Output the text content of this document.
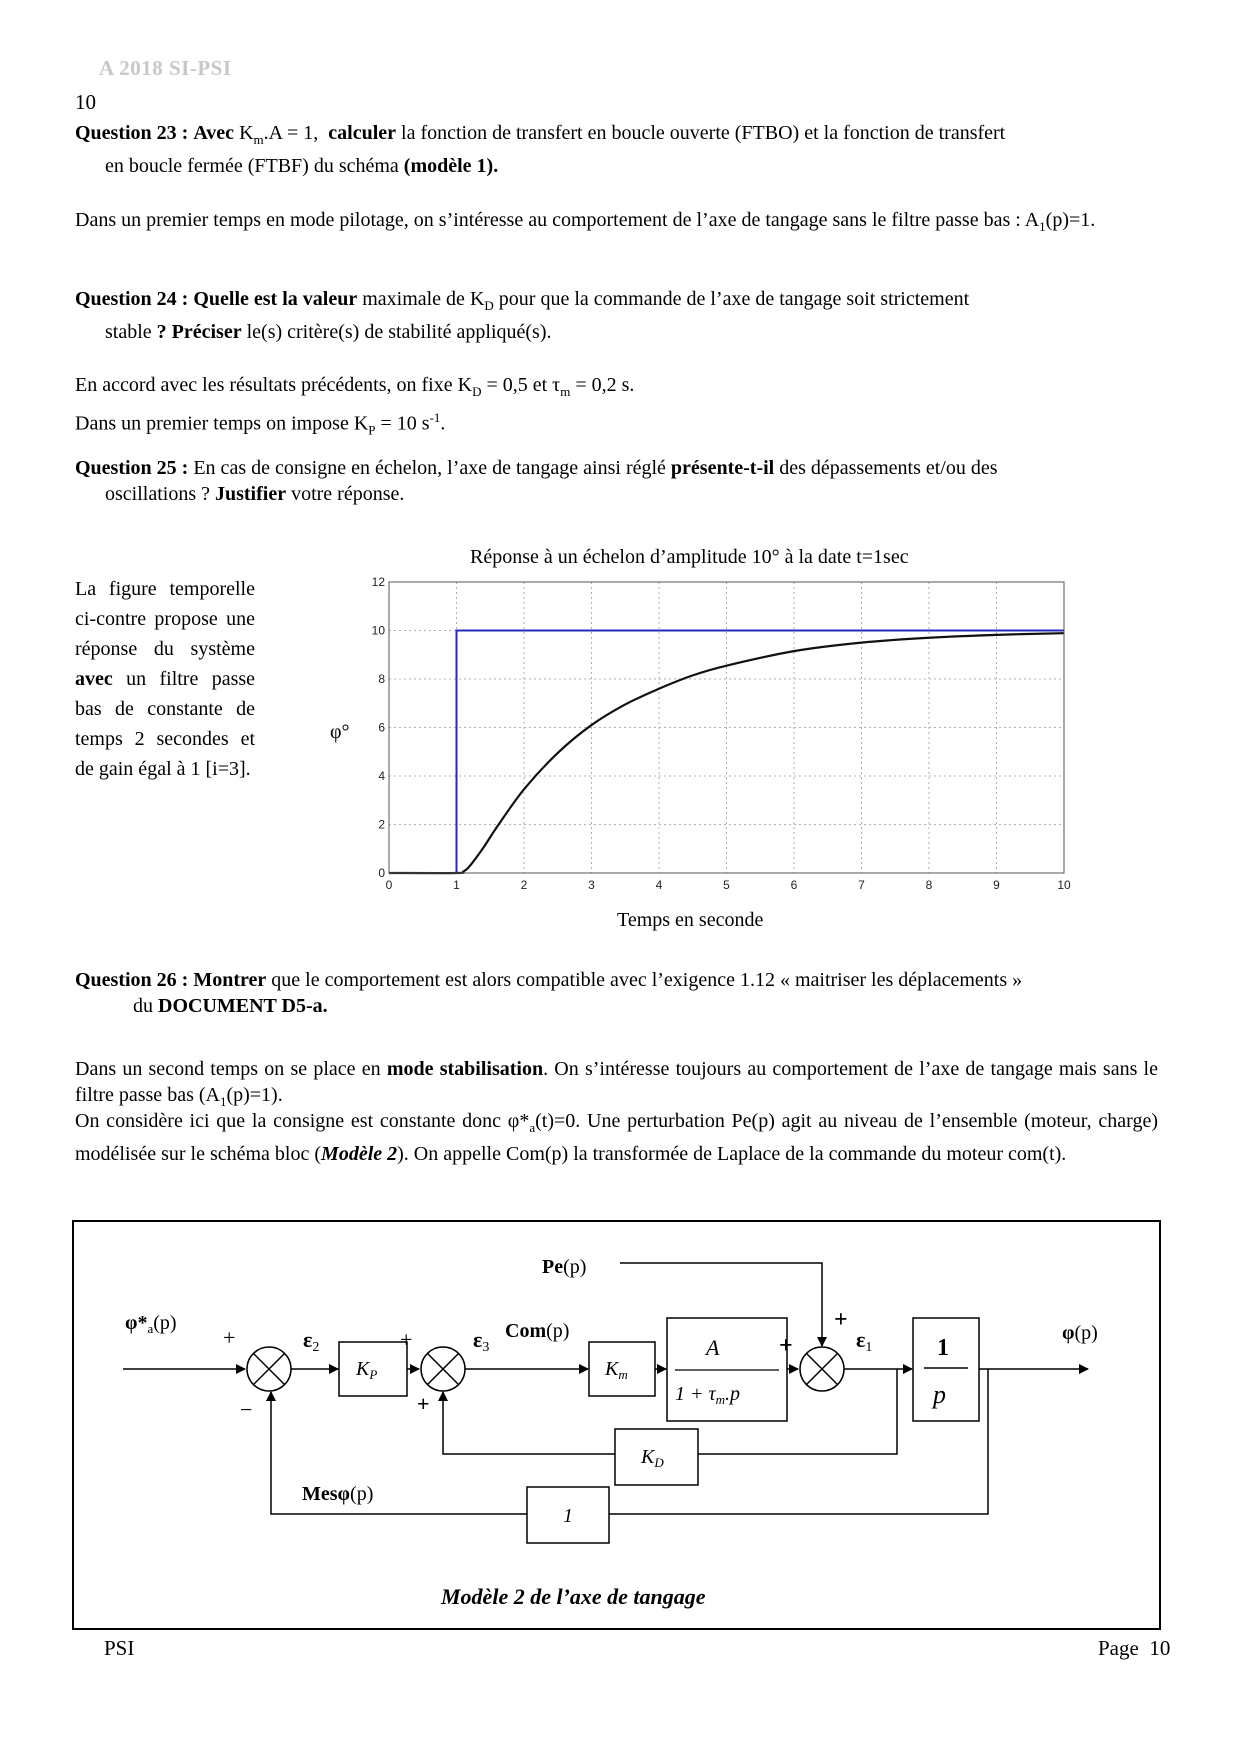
A 2018 SI-PSI
10
Question 23 : Avec $K_m.A = 1$, calculer la fonction de transfert en boucle ouverte (FTBO) et la fonction de transfert
en boucle fermée (FTBF) du schéma (modèle 1).
Dans un premier temps en mode pilotage, on s’intéresse au comportement de l’axe de tangage sans le filtre passe bas : $A_1(p)=1$.
Question 24 : Quelle est la valeur maximale de $K_D$ pour que la commande de l’axe de tangage soit strictement
stable ? Préciser le(s) critère(s) de stabilité appliqué(s).
En accord avec les résultats précédents, on fixe $K_D = 0,5$ et $\tau_m = 0,2$ s.
Dans un premier temps on impose $K_P = 10$ $s^{-1}$.
Question 25 : En cas de consigne en échelon, l’axe de tangage ainsi réglé présente-t-il des dépassements et/ou des
oscillations ? Justifier votre réponse.
La figure temporelle ci-contre propose une réponse du système avec un filtre passe bas de constante de temps 2 secondes et de gain égal à 1 [i=3].
Réponse à un échelon d’amplitude 10° à la date t=1sec
0	1	2	3	4	5	6	7	8	9	10
0
2
4
6
8
10
12
φ°
Temps en seconde
Question 26 : Montrer que le comportement est alors compatible avec l’exigence 1.12 « maitriser les déplacements »
du DOCUMENT D5-a.
Dans un second temps on se place en mode stabilisation. On s’intéresse toujours au comportement de l’axe de tangage mais sans le filtre passe bas $(A_1(p)=1)$.
On considère ici que la consigne est constante donc $\varphi*_a(t)=0$. Une perturbation Pe(p) agit au niveau de l’ensemble (moteur, charge) modélisée sur le schéma bloc (Modèle 2). On appelle Com(p) la transformée de Laplace de la commande du moteur com(t).
$\varphi*_a(p)$
+
−
ε2
$K_P$
+
+
ε3
Com(p)
$K_m$
A
$1 + \tau_m.p$
+
+
ε1
Pe(p)
1
p
φ(p)
$K_D$
1
Mesφ(p)
Modèle 2 de l’axe de tangage
PSI	Page 10
